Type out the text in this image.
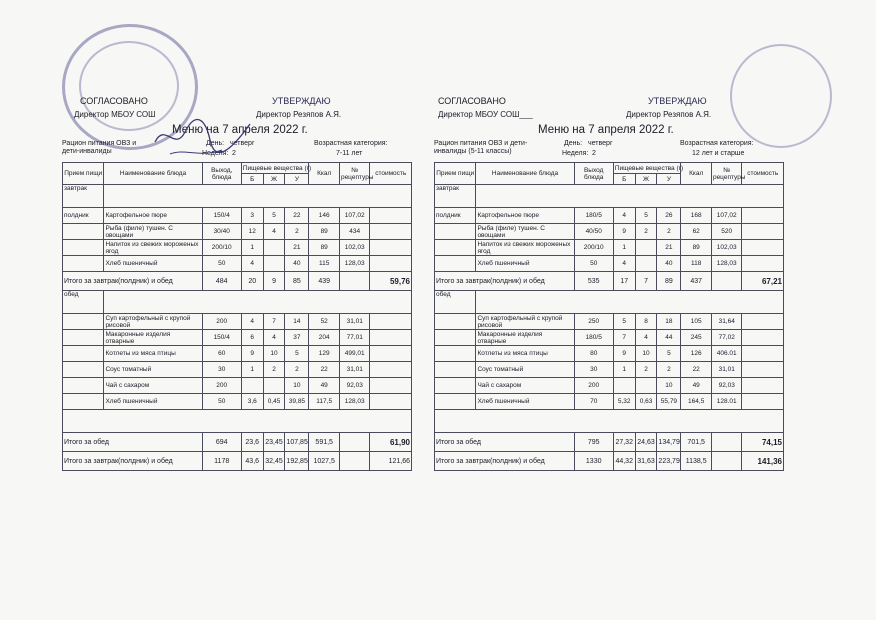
СОГЛАСОВАНО	УТВЕРЖДАЮ
Директор МБОУ СОШ	Директор Резяпов А.Я.
Меню на 7 апреля 2022 г.
Рацион питания ОВЗ и дети-инвалиды
День: четверг
Неделя: 2
Возрастная категория:
7-11 лет
Прием пищи	Наименование блюда	Выход, блюда	Пищевые вещества (г)			Ккал	№ рецептуры	стоимость
			Б	Ж	У			
завтрак								
полдник	Картофельное пюре	150/4	3	5	22	146	107,02	
	Рыба (филе) тушен. С овощами	30/40	12	4	2	89	434	
	Напиток из свежих мороженых ягод	200/10	1		21	89	102,03	
	Хлеб пшеничный	50	4		40	115	128,03	
Итого за завтрак(полдник) и обед		484	20	9	85	439		59,76
обед								
	Суп картофельный с крупой рисовой	200	4	7	14	52	31,01	
	Макаронные изделия отварные	150/4	6	4	37	204	77,01	
	Котлеты из мяса птицы	60	9	10	5	129	499,01	
	Соус томатный	30	1	2	2	22	31,01	
	Чай с сахаром	200			10	49	92,03	
	Хлеб пшеничный	50	3,6	0,45	39,85	117,5	128,03	

Итого за обед		694	23,6	23,45	107,85	591,5		61,90
Итого за завтрак(полдник) и обед		1178	43,6	32,45	192,85	1027,5		121,66
СОГЛАСОВАНО	УТВЕРЖДАЮ
Директор МБОУ СОШ___	Директор Резяпов А.Я.
Меню на 7 апреля 2022 г.
Рацион питания ОВЗ и дети-инвалиды (5-11 классы)
День: четверг
Неделя: 2
Возрастная категория:
12 лет и старше
Прием пищи	Наименование блюда	Выход блюда	Пищевые вещества (г)			Ккал	№ рецептуры	стоимость
			Б	Ж	У			
завтрак								
полдник	Картофельное пюре	180/5	4	5	26	168	107,02	
	Рыба (филе) тушен. С овощами	40/50	9	2	2	62	520	
	Напиток из свежих мороженых ягод	200/10	1		21	89	102,03	
	Хлеб пшеничный	50	4		40	118	128,03	
Итого за завтрак(полдник) и обед		535	17	7	89	437		67,21
обед								
	Суп картофельный с крупой рисовой	250	5	8	18	105	31,64	
	Макаронные изделия отварные	180/5	7	4	44	245	77,02	
	Котлеты из мяса птицы	80	9	10	5	126	406.01	
	Соус томатный	30	1	2	2	22	31,01	
	Чай с сахаром	200			10	49	92,03	
	Хлеб пшеничный	70	5,32	0,63	55,79	164,5	128.01	

Итого за обед		795	27,32	24,63	134,79	701,5		74,15
Итого за завтрак(полдник) и обед		1330	44,32	31,63	223,79	1138,5		141,36
